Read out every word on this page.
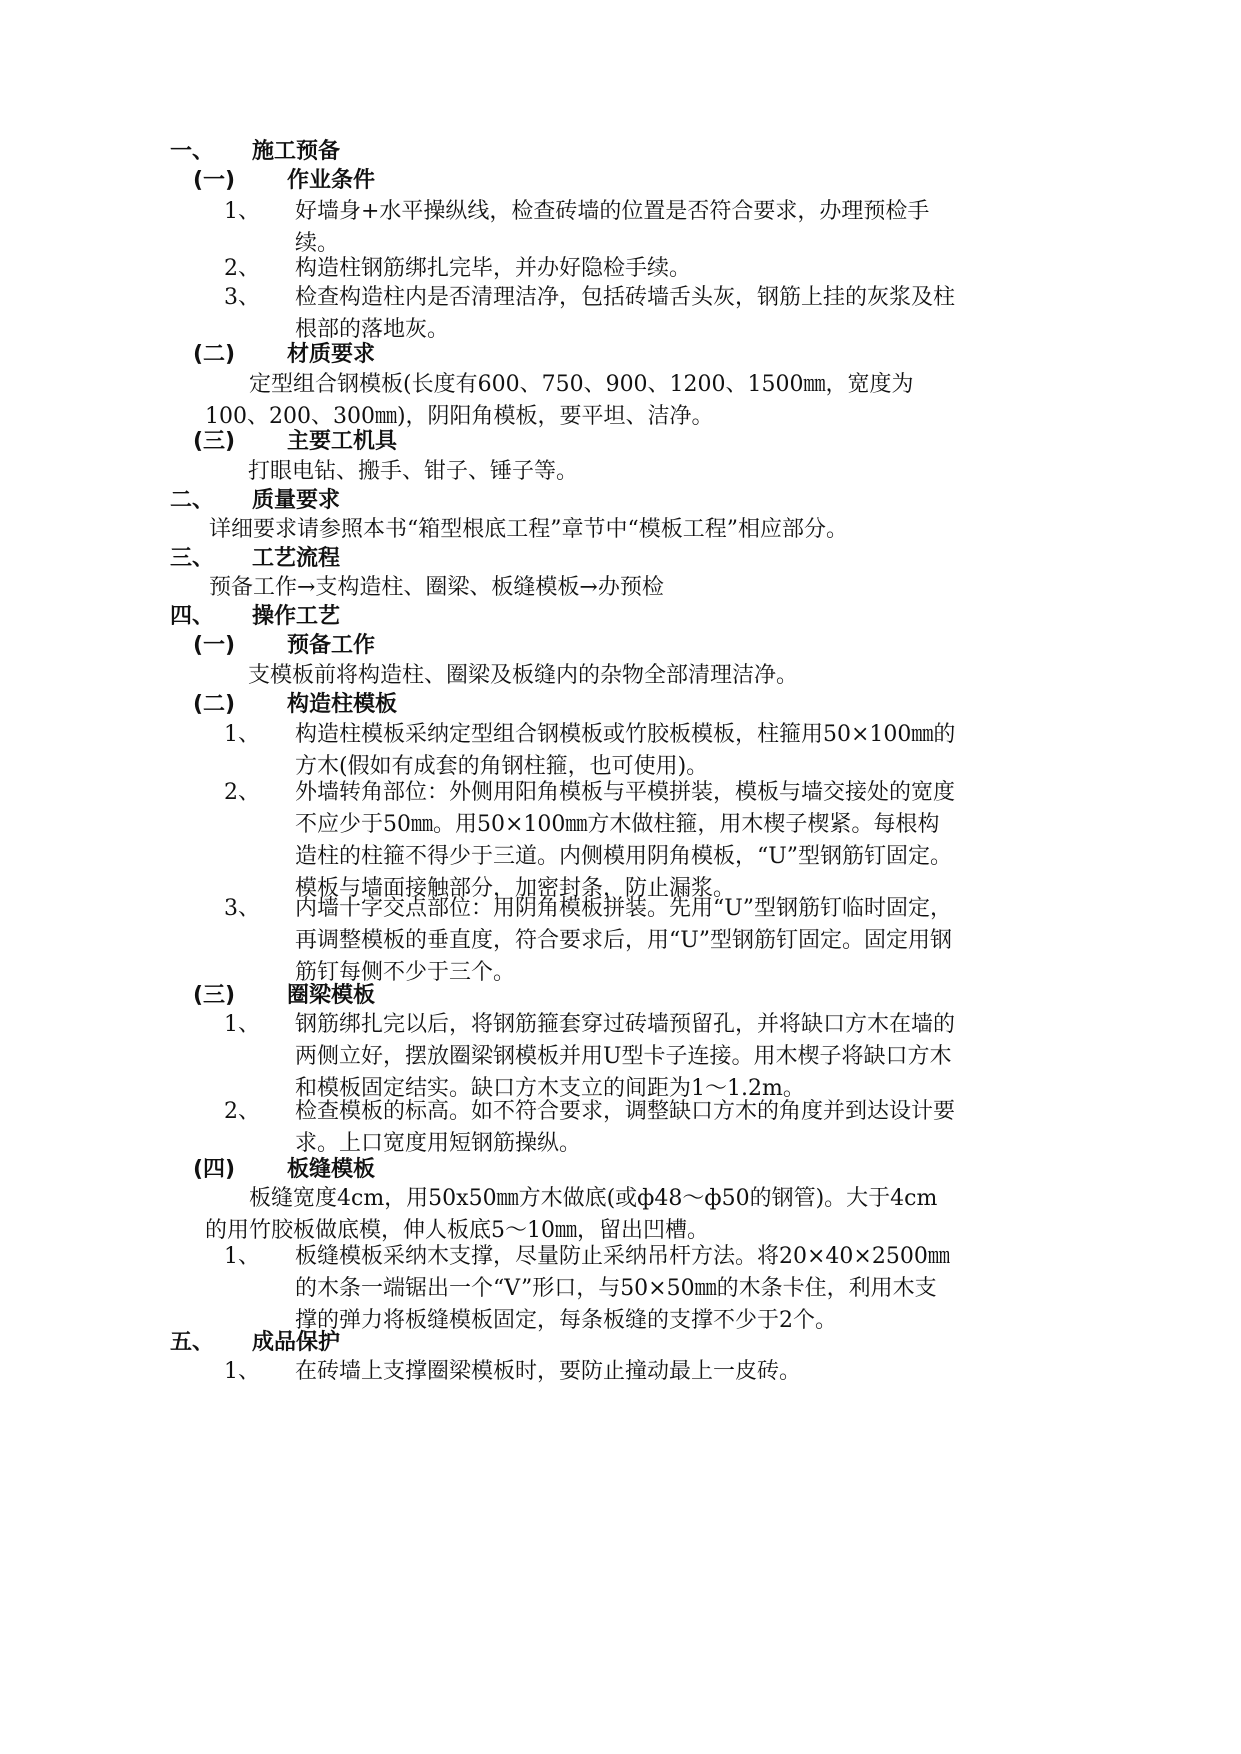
一、 施工预备
(一) 作业条件
1、 好墙身+水平操纵线，检查砖墙的位置是否符合要求，办理预检手续。
2、 构造柱钢筋绑扎完毕，并办好隐检手续。
3、 检查构造柱内是否清理洁净，包括砖墙舌头灰，钢筋上挂的灰浆及柱根部的落地灰。
(二) 材质要求
定型组合钢模板(长度有600、750、900、1200、1500㎜，宽度为100、200、300㎜)，阴阳角模板，要平坦、洁净。
(三) 主要工机具
打眼电钻、搬手、钳子、锤子等。
二、 质量要求
详细要求请参照本书“箱型根底工程”章节中“模板工程”相应部分。
三、 工艺流程
预备工作→支构造柱、圈梁、板缝模板→办预检
四、 操作工艺
(一) 预备工作
支模板前将构造柱、圈梁及板缝内的杂物全部清理洁净。
(二) 构造柱模板
1、 构造柱模板采纳定型组合钢模板或竹胶板模板，柱箍用50×100㎜的方木(假如有成套的角钢柱箍，也可使用)。
2、 外墙转角部位：外侧用阳角模板与平模拼装，模板与墙交接处的宽度不应少于50㎜。用50×100㎜方木做柱箍，用木楔子楔紧。每根构造柱的柱箍不得少于三道。内侧模用阴角模板，“U”型钢筋钉固定。模板与墙面接触部分，加密封条，防止漏浆。
3、 内墙十字交点部位：用阴角模板拼装。先用“U”型钢筋钉临时固定，再调整模板的垂直度，符合要求后，用“U”型钢筋钉固定。固定用钢筋钉每侧不少于三个。
(三) 圈梁模板
1、 钢筋绑扎完以后，将钢筋箍套穿过砖墙预留孔，并将缺口方木在墙的两侧立好，摆放圈梁钢模板并用U型卡子连接。用木楔子将缺口方木和模板固定结实。缺口方木支立的间距为1～1.2m。
2、 检查模板的标高。如不符合要求，调整缺口方木的角度并到达设计要求。上口宽度用短钢筋操纵。
(四) 板缝模板
板缝宽度4cm，用50x50㎜方木做底(或ф48～ф50的钢管)。大于4cm的用竹胶板做底模，伸人板底5～10㎜，留出凹槽。
1、 板缝模板采纳木支撑，尽量防止采纳吊杆方法。将20×40×2500㎜的木条一端锯出一个“V”形口，与50×50㎜的木条卡住，利用木支撑的弹力将板缝模板固定，每条板缝的支撑不少于2个。
五、 成品保护
1、 在砖墙上支撑圈梁模板时，要防止撞动最上一皮砖。
